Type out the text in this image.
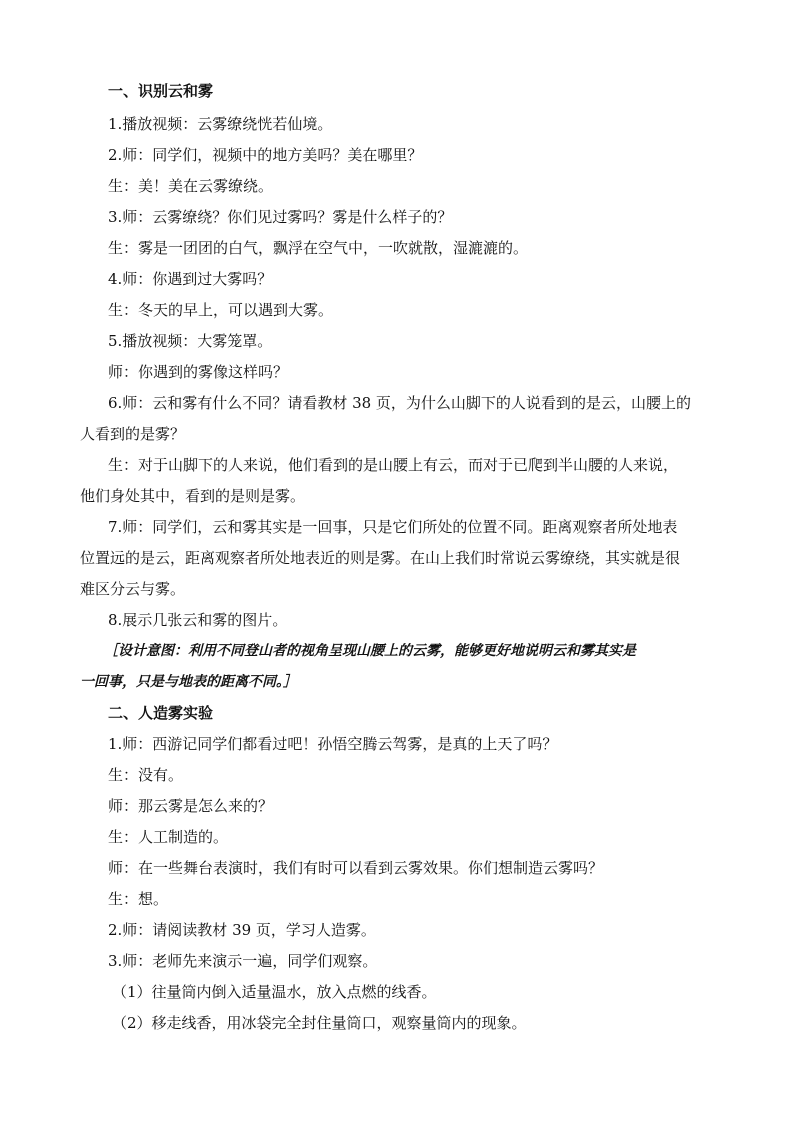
一、识别云和雾
1.播放视频：云雾缭绕恍若仙境。
2.师：同学们，视频中的地方美吗？美在哪里？
生：美！美在云雾缭绕。
3.师：云雾缭绕？你们见过雾吗？雾是什么样子的？
生：雾是一团团的白气，飘浮在空气中，一吹就散，湿漉漉的。
4.师：你遇到过大雾吗？
生：冬天的早上，可以遇到大雾。
5.播放视频：大雾笼罩。
师：你遇到的雾像这样吗？
6.师：云和雾有什么不同？请看教材 38 页，为什么山脚下的人说看到的是云，山腰上的
人看到的是雾？
生：对于山脚下的人来说，他们看到的是山腰上有云，而对于已爬到半山腰的人来说，
他们身处其中，看到的是则是雾。
7.师：同学们，云和雾其实是一回事，只是它们所处的位置不同。距离观察者所处地表
位置远的是云，距离观察者所处地表近的则是雾。在山上我们时常说云雾缭绕，其实就是很
难区分云与雾。
8.展示几张云和雾的图片。
［设计意图：利用不同登山者的视角呈现山腰上的云雾，能够更好地说明云和雾其实是
一回事，只是与地表的距离不同。］
二、人造雾实验
1.师：西游记同学们都看过吧！孙悟空腾云驾雾，是真的上天了吗？
生：没有。
师：那云雾是怎么来的？
生：人工制造的。
师：在一些舞台表演时，我们有时可以看到云雾效果。你们想制造云雾吗？
生：想。
2.师：请阅读教材 39 页，学习人造雾。
3.师：老师先来演示一遍，同学们观察。
（1）往量筒内倒入适量温水，放入点燃的线香。
（2）移走线香，用冰袋完全封住量筒口，观察量筒内的现象。
